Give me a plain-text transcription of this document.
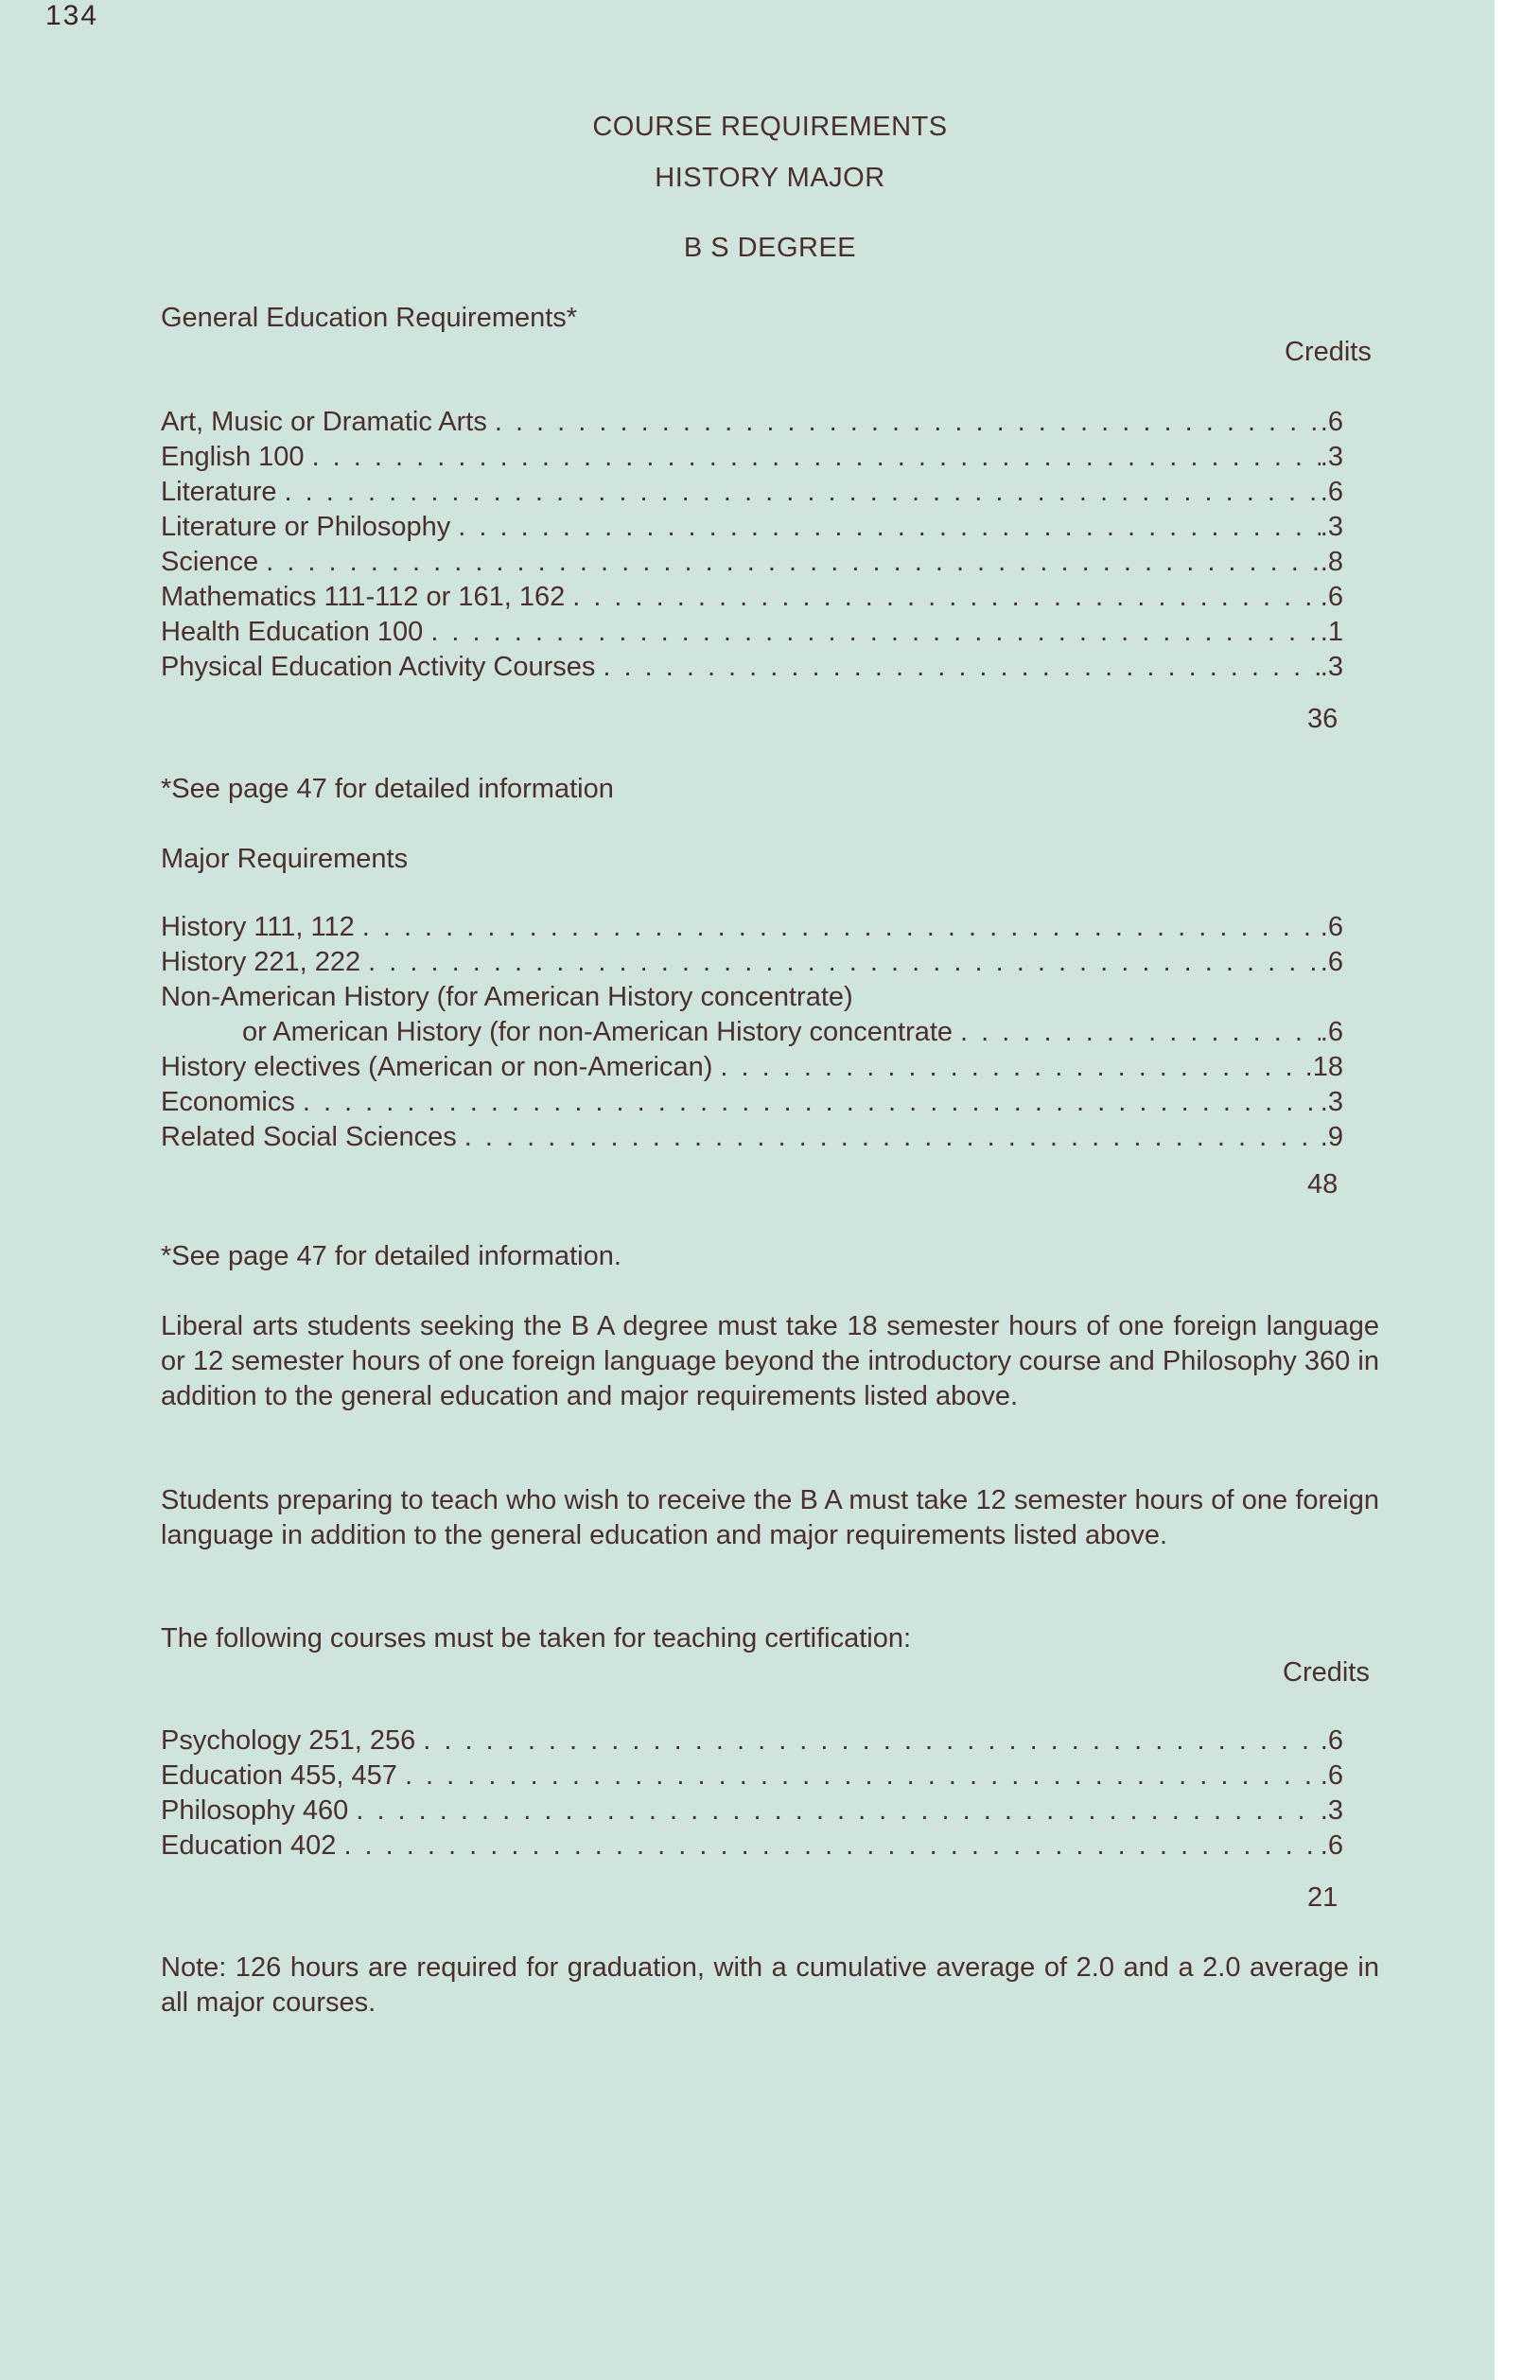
134
COURSE REQUIREMENTS
HISTORY MAJOR
B S DEGREE
General Education Requirements*
Credits
Art, Music or Dramatic Arts . . .	. 6
English 100 . . .	. 3
Literature . . .	. 6
Literature or Philosophy . . .	. 3
Science . . .	. 8
Mathematics 111-112 or 161, 162 . . .	. 6
Health Education 100 . . .	. 1
Physical Education Activity Courses . . .	. 3
36
*See page 47 for detailed information
Major Requirements
History 111, 112 . . .	. 6
History 221, 222 . . .	. 6
Non-American History (for American History concentrate)
or American History (for non-American History concentrate . . .	. 6
History electives (American or non-American) . . .	. 18
Economics . . .	. 3
Related Social Sciences . . .	. 9
48
*See page 47 for detailed information.
Liberal arts students seeking the B A degree must take 18 semester hours of one foreign language or 12 semester hours of one foreign language beyond the introductory course and Philosophy 360 in addition to the general education and major requirements listed above.
Students preparing to teach who wish to receive the B A must take 12 semester hours of one foreign language in addition to the general education and major requirements listed above.
The following courses must be taken for teaching certification:
Credits
Psychology 251, 256 . . .	. 6
Education 455, 457 . . .	. 6
Philosophy 460 . . .	. 3
Education 402 . . .	. 6
21
Note: 126 hours are required for graduation, with a cumulative average of 2.0 and a 2.0 average in all major courses.
